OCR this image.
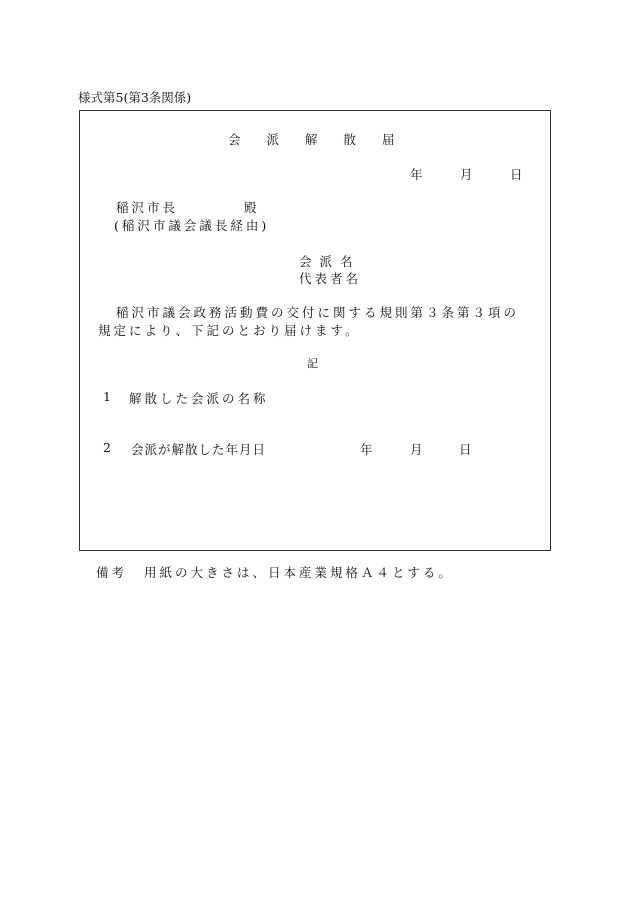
様式第5(第3条関係)
会 派 解 散 届
年	月	日
稲沢市長	殿
(稲沢市議会議長経由)
会派名
代表者名
稲沢市議会政務活動費の交付に関する規則第３条第３項の
規定により、下記のとおり届けます。
記
1 解散した会派の名称
2 会派が解散した年月日	年	月	日
備考 用紙の大きさは、日本産業規格Ａ４とする。
